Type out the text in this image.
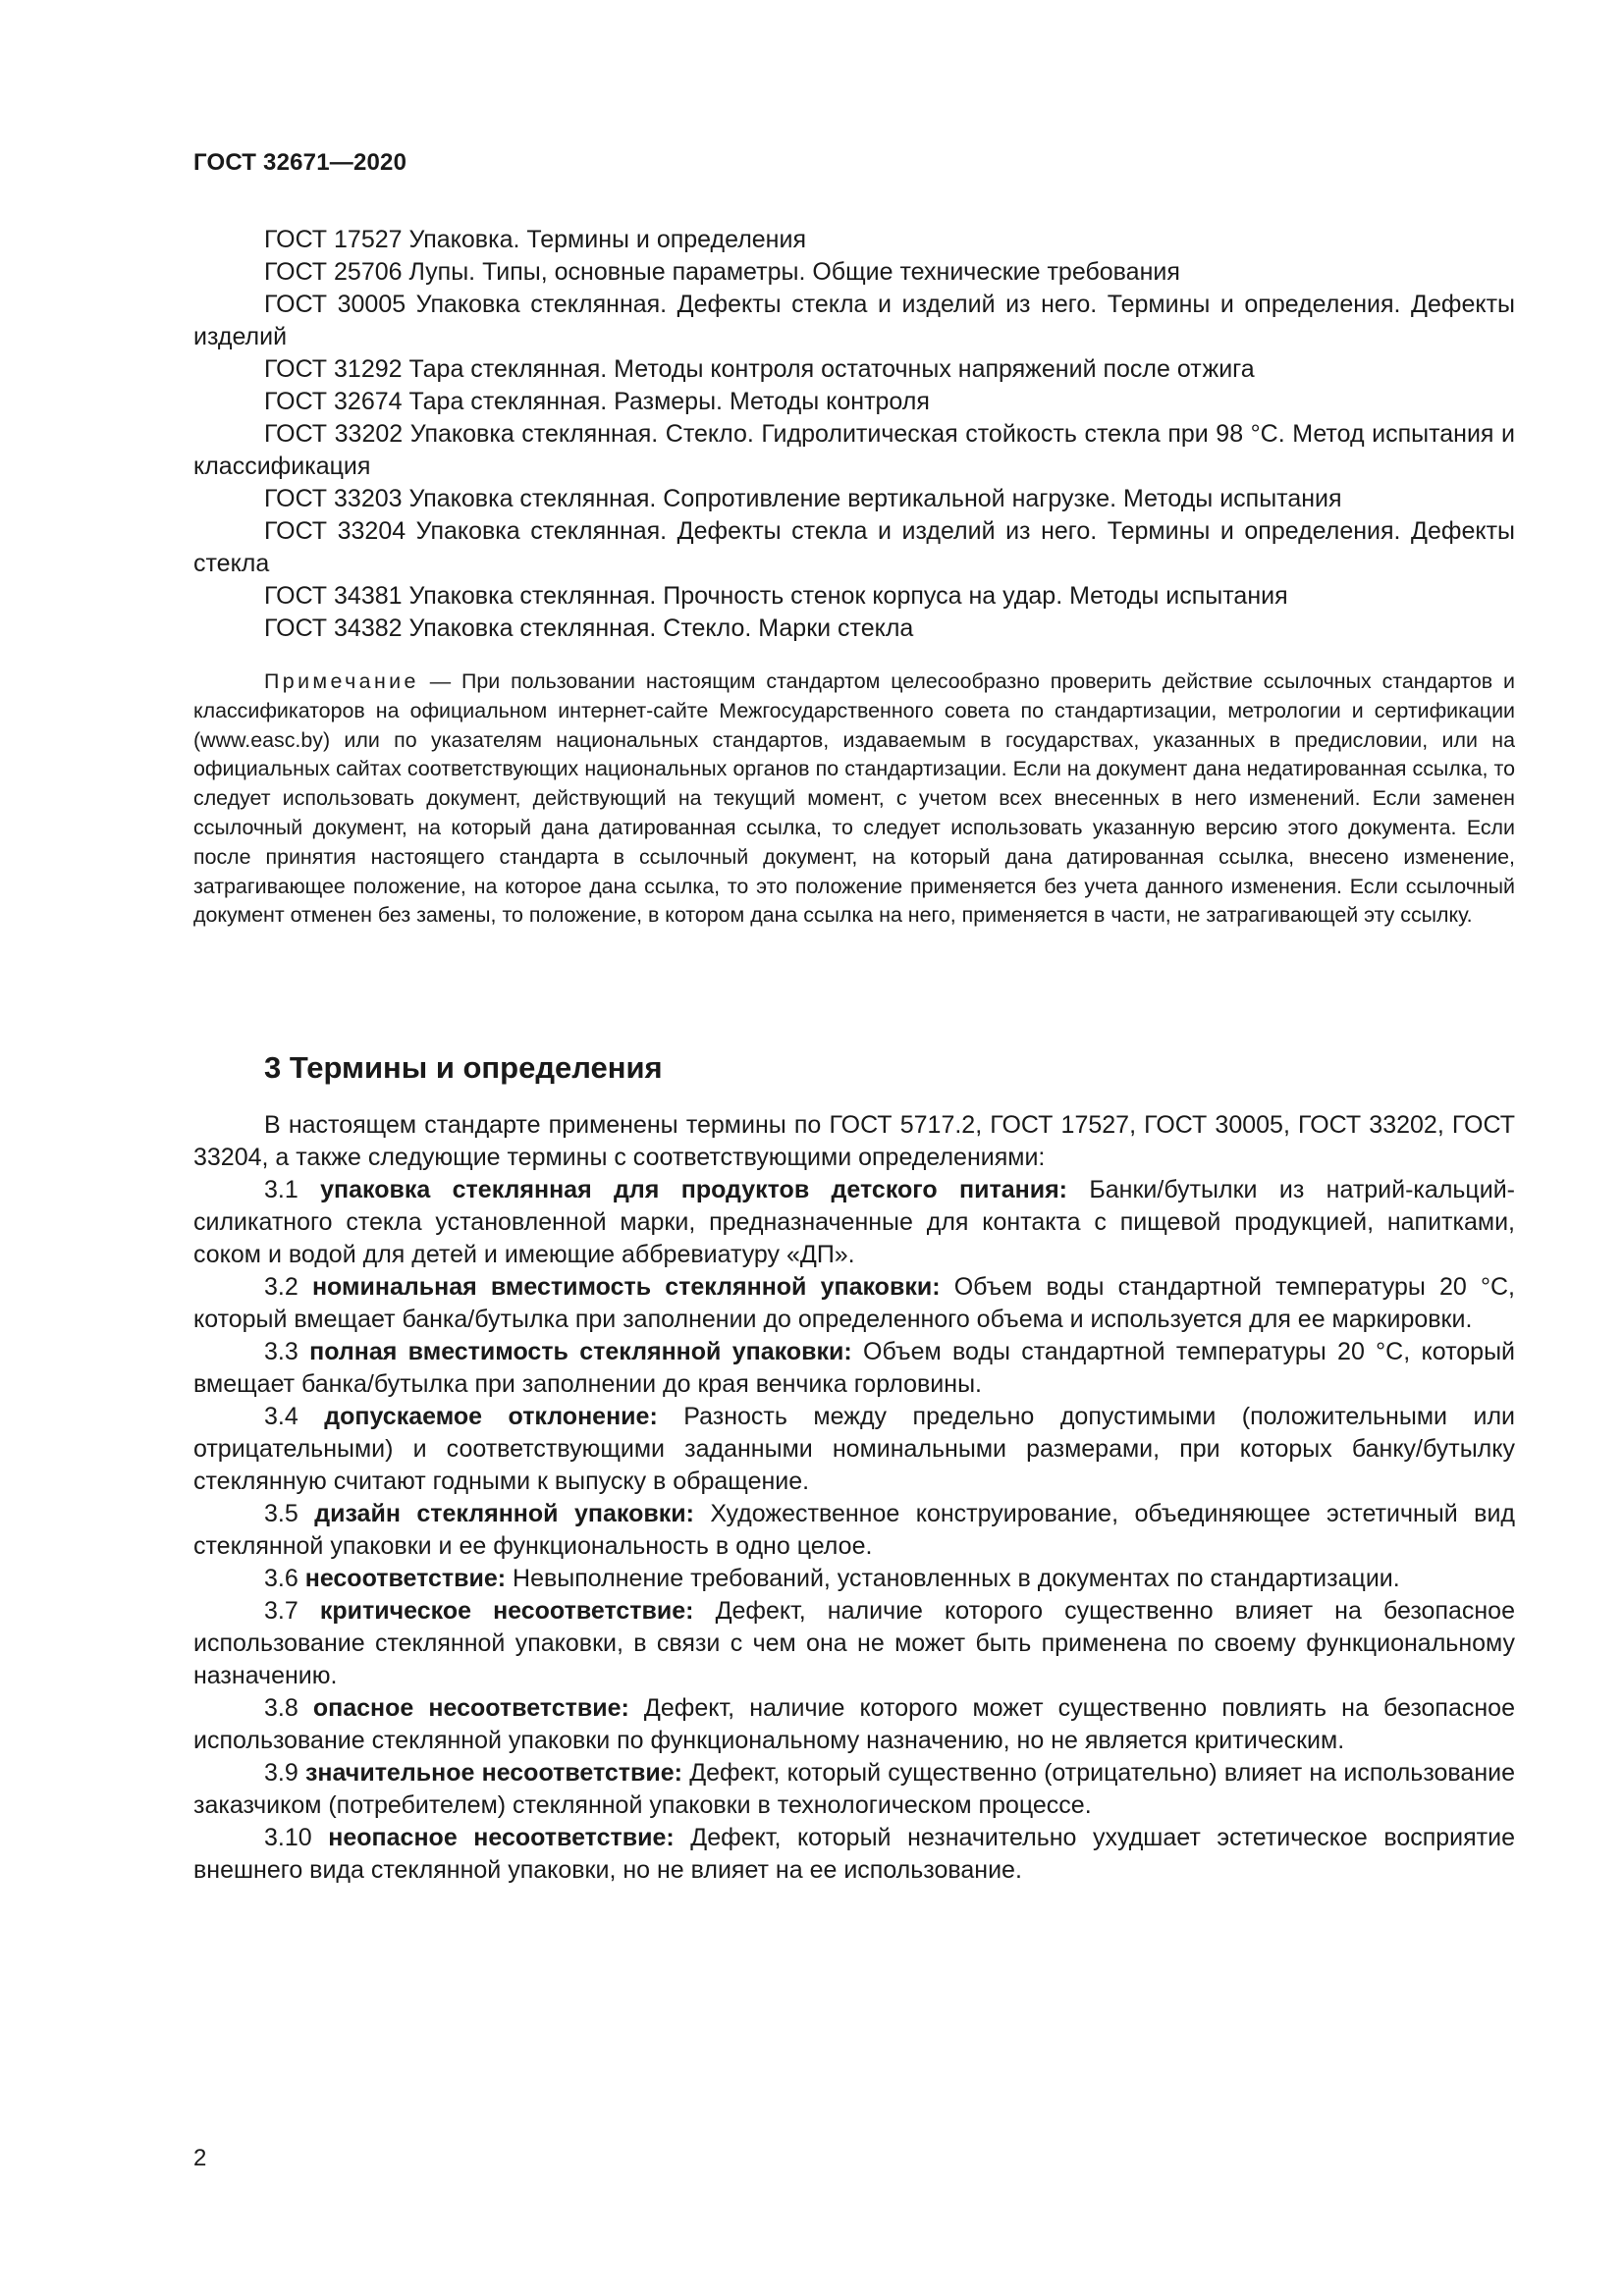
ГОСТ 32671—2020

ГОСТ 17527 Упаковка. Термины и определения

ГОСТ 25706 Лупы. Типы, основные параметры. Общие технические требования

ГОСТ 30005 Упаковка стеклянная. Дефекты стекла и изделий из него. Термины и определения. Дефекты изделий

ГОСТ 31292 Тара стеклянная. Методы контроля остаточных напряжений после отжига

ГОСТ 32674 Тара стеклянная. Размеры. Методы контроля

ГОСТ 33202 Упаковка стеклянная. Стекло. Гидролитическая стойкость стекла при 98 °С. Метод испытания и классификация

ГОСТ 33203 Упаковка стеклянная. Сопротивление вертикальной нагрузке. Методы испытания

ГОСТ 33204 Упаковка стеклянная. Дефекты стекла и изделий из него. Термины и определения. Дефекты стекла

ГОСТ 34381 Упаковка стеклянная. Прочность стенок корпуса на удар. Методы испытания

ГОСТ 34382 Упаковка стеклянная. Стекло. Марки стекла

Примечание — При пользовании настоящим стандартом целесообразно проверить действие ссылочных стандартов и классификаторов на официальном интернет-сайте Межгосударственного совета по стандартизации, метрологии и сертификации (www.easc.by) или по указателям национальных стандартов, издаваемым в государствах, указанных в предисловии, или на официальных сайтах соответствующих национальных органов по стандартизации. Если на документ дана недатированная ссылка, то следует использовать документ, действующий на текущий момент, с учетом всех внесенных в него изменений. Если заменен ссылочный документ, на который дана датированная ссылка, то следует использовать указанную версию этого документа. Если после принятия настоящего стандарта в ссылочный документ, на который дана датированная ссылка, внесено изменение, затрагивающее положение, на которое дана ссылка, то это положение применяется без учета данного изменения. Если ссылочный документ отменен без замены, то положение, в котором дана ссылка на него, применяется в части, не затрагивающей эту ссылку.

3 Термины и определения

В настоящем стандарте применены термины по ГОСТ 5717.2, ГОСТ 17527, ГОСТ 30005, ГОСТ 33202, ГОСТ 33204, а также следующие термины с соответствующими определениями:

3.1 упаковка стеклянная для продуктов детского питания: Банки/бутылки из натрий-кальций-силикатного стекла установленной марки, предназначенные для контакта с пищевой продукцией, напитками, соком и водой для детей и имеющие аббревиатуру «ДП».

3.2 номинальная вместимость стеклянной упаковки: Объем воды стандартной температуры 20 °С, который вмещает банка/бутылка при заполнении до определенного объема и используется для ее маркировки.

3.3 полная вместимость стеклянной упаковки: Объем воды стандартной температуры 20 °С, который вмещает банка/бутылка при заполнении до края венчика горловины.

3.4 допускаемое отклонение: Разность между предельно допустимыми (положительными или отрицательными) и соответствующими заданными номинальными размерами, при которых банку/бутылку стеклянную считают годными к выпуску в обращение.

3.5 дизайн стеклянной упаковки: Художественное конструирование, объединяющее эстетичный вид стеклянной упаковки и ее функциональность в одно целое.

3.6 несоответствие: Невыполнение требований, установленных в документах по стандартизации.

3.7 критическое несоответствие: Дефект, наличие которого существенно влияет на безопасное использование стеклянной упаковки, в связи с чем она не может быть применена по своему функциональному назначению.

3.8 опасное несоответствие: Дефект, наличие которого может существенно повлиять на безопасное использование стеклянной упаковки по функциональному назначению, но не является критическим.

3.9 значительное несоответствие: Дефект, который существенно (отрицательно) влияет на использование заказчиком (потребителем) стеклянной упаковки в технологическом процессе.

3.10 неопасное несоответствие: Дефект, который незначительно ухудшает эстетическое восприятие внешнего вида стеклянной упаковки, но не влияет на ее использование.

2
